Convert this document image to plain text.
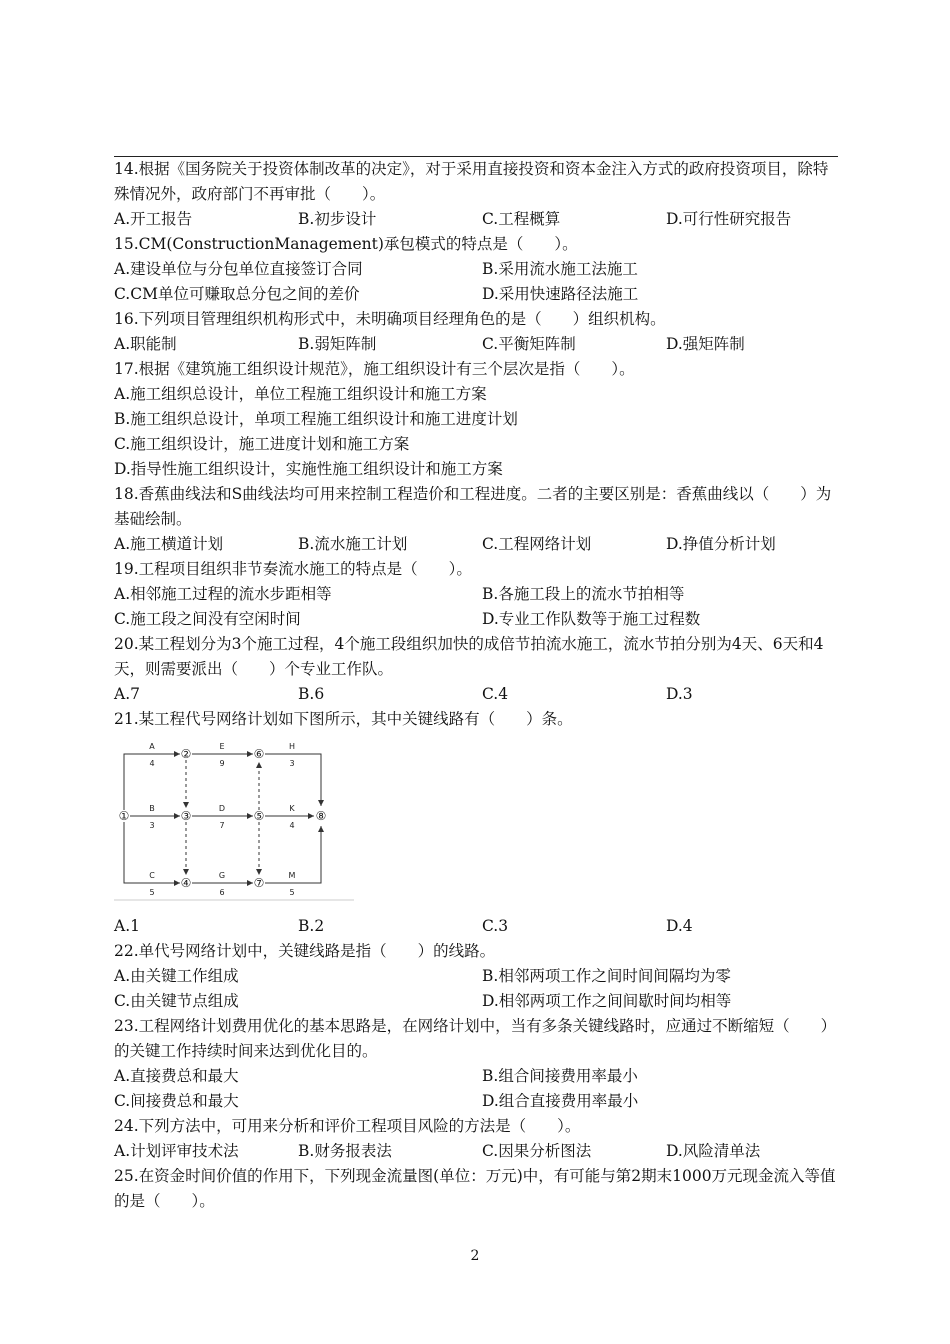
14.根据《国务院关于投资体制改革的决定》，对于采用直接投资和资本金注入方式的政府投资项目，除特殊情况外，政府部门不再审批（　　）。
A.开工报告	B.初步设计	C.工程概算	D.可行性研究报告
15.CM(ConstructionManagement)承包模式的特点是（　　）。
A.建设单位与分包单位直接签订合同	B.采用流水施工法施工
C.CM单位可赚取总分包之间的差价	D.采用快速路径法施工
16.下列项目管理组织机构形式中，未明确项目经理角色的是（　　）组织机构。
A.职能制	B.弱矩阵制	C.平衡矩阵制	D.强矩阵制
17.根据《建筑施工组织设计规范》，施工组织设计有三个层次是指（　　）。
A.施工组织总设计，单位工程施工组织设计和施工方案
B.施工组织总设计，单项工程施工组织设计和施工进度计划
C.施工组织设计，施工进度计划和施工方案
D.指导性施工组织设计，实施性施工组织设计和施工方案
18.香蕉曲线法和S曲线法均可用来控制工程造价和工程进度。二者的主要区别是：香蕉曲线以（　　）为基础绘制。
A.施工横道计划	B.流水施工计划	C.工程网络计划	D.挣值分析计划
19.工程项目组织非节奏流水施工的特点是（　　）。
A.相邻施工过程的流水步距相等	B.各施工段上的流水节拍相等
C.施工段之间没有空闲时间	D.专业工作队数等于施工过程数
20.某工程划分为3个施工过程，4个施工段组织加快的成倍节拍流水施工，流水节拍分别为4天、6天和4天，则需要派出（　　）个专业工作队。
A.7	B.6	C.4	D.3
21.某工程代号网络计划如下图所示，其中关键线路有（　　）条。
①
②
③
④
⑤
⑥
⑦
⑧
A
4
E
9
H
3
B
3
D
7
K
4
C
5
G
6
M
5
A.1	B.2	C.3	D.4
22.单代号网络计划中，关键线路是指（　　）的线路。
A.由关键工作组成	B.相邻两项工作之间时间间隔均为零
C.由关键节点组成	D.相邻两项工作之间间歇时间均相等
23.工程网络计划费用优化的基本思路是，在网络计划中，当有多条关键线路时，应通过不断缩短（　　）的关键工作持续时间来达到优化目的。
A.直接费总和最大	B.组合间接费用率最小
C.间接费总和最大	D.组合直接费用率最小
24.下列方法中，可用来分析和评价工程项目风险的方法是（　　）。
A.计划评审技术法	B.财务报表法	C.因果分析图法	D.风险清单法
25.在资金时间价值的作用下，下列现金流量图(单位：万元)中，有可能与第2期末1000万元现金流入等值的是（　　）。
2
